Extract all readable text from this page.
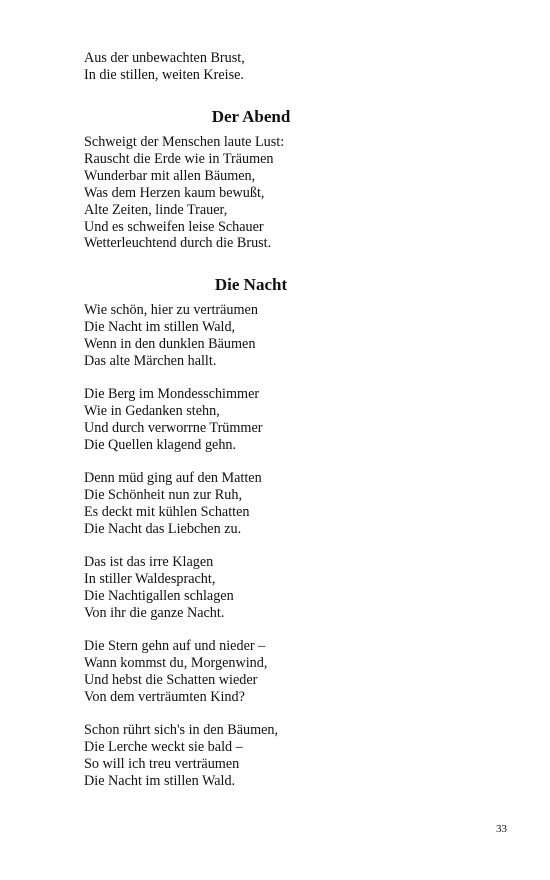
Aus der unbewachten Brust,
In die stillen, weiten Kreise.
Der Abend
Schweigt der Menschen laute Lust:
Rauscht die Erde wie in Träumen
Wunderbar mit allen Bäumen,
Was dem Herzen kaum bewußt,
Alte Zeiten, linde Trauer,
Und es schweifen leise Schauer
Wetterleuchtend durch die Brust.
Die Nacht
Wie schön, hier zu verträumen
Die Nacht im stillen Wald,
Wenn in den dunklen Bäumen
Das alte Märchen hallt.
Die Berg im Mondesschimmer
Wie in Gedanken stehn,
Und durch verworrne Trümmer
Die Quellen klagend gehn.
Denn müd ging auf den Matten
Die Schönheit nun zur Ruh,
Es deckt mit kühlen Schatten
Die Nacht das Liebchen zu.
Das ist das irre Klagen
In stiller Waldespracht,
Die Nachtigallen schlagen
Von ihr die ganze Nacht.
Die Stern gehn auf und nieder –
Wann kommst du, Morgenwind,
Und hebst die Schatten wieder
Von dem verträumten Kind?
Schon rührt sich's in den Bäumen,
Die Lerche weckt sie bald –
So will ich treu verträumen
Die Nacht im stillen Wald.
33
